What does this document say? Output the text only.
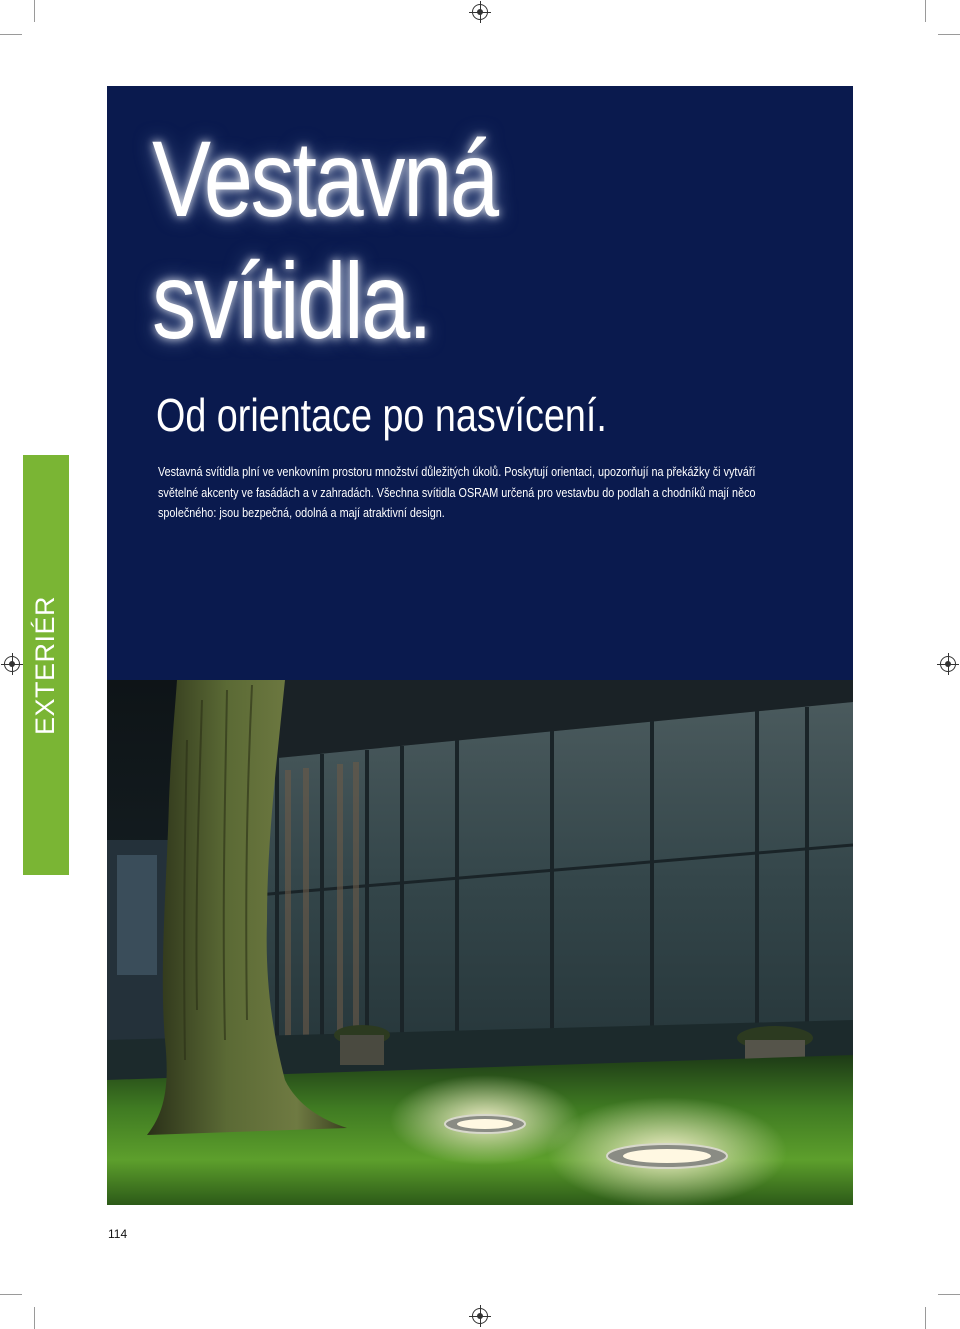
EXTERIÉR
Vestavná
svítidla.
Od orientace po nasvícení.

Vestavná svítidla plní ve venkovním prostoru množství důležitých úkolů. Poskytují orientaci, upozorňují na překážky či vytváří světelné akcenty ve fasádách a v zahradách. Všechna svítidla OSRAM určená pro vestavbu do podlah a chodníků mají něco společného: jsou bezpečná, odolná a mají atraktivní design.

114
